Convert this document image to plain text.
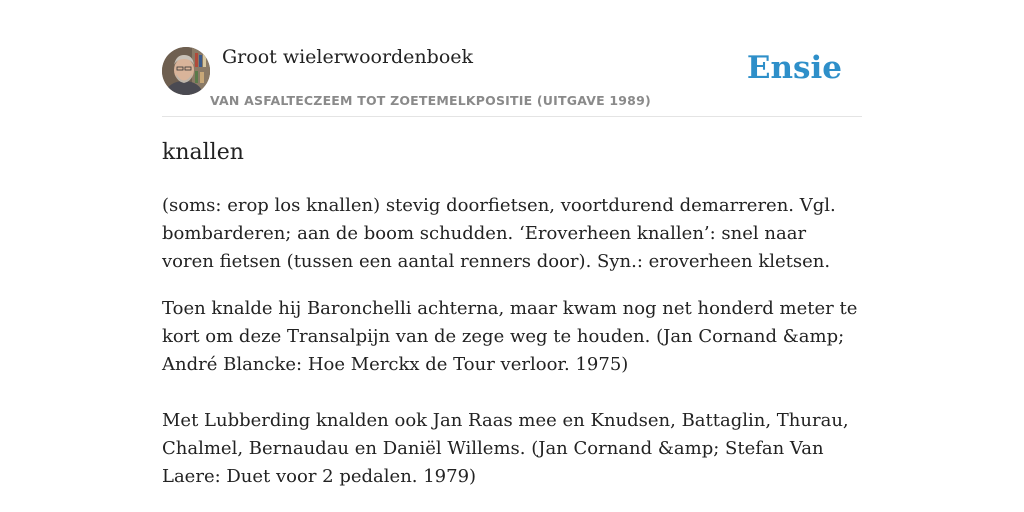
Groot wielerwoordenboek
VAN ASFALTECZEEM TOT ZOETEMELKPOSITIE (UITGAVE 1989)
Ensie
knallen

(soms: erop los knallen) stevig doorfietsen, voortdurend demarreren. Vgl. bombarderen; aan de boom schudden. ‘Eroverheen knallen’: snel naar voren fietsen (tussen een aantal renners door). Syn.: eroverheen kletsen.

Toen knalde hij Baronchelli achterna, maar kwam nog net honderd meter te kort om deze Transalpijn van de zege weg te houden. (Jan Cornand &amp; André Blancke: Hoe Merckx de Tour verloor. 1975)

Met Lubberding knalden ook Jan Raas mee en Knudsen, Battaglin, Thurau, Chalmel, Bernaudau en Daniël Willems. (Jan Cornand &amp; Stefan Van Laere: Duet voor 2 pedalen. 1979)
